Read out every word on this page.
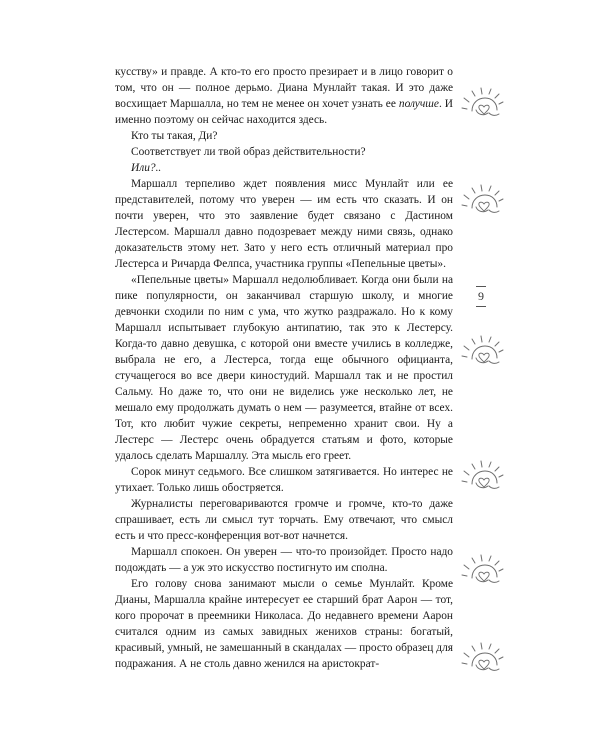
кусству» и правде. А кто-то его просто презирает и в лицо говорит о том, что он — полное дерьмо. Диана Мунлайт такая. И это даже восхищает Маршалла, но тем не менее он хочет узнать ее получше. И именно поэтому он сейчас находится здесь.

Кто ты такая, Ди?

Соответствует ли твой образ действительности?

Или?..

Маршалл терпеливо ждет появления мисс Мунлайт или ее представителей, потому что уверен — им есть что сказать. И он почти уверен, что это заявление будет связано с Дастином Лестерсом. Маршалл давно подозревает между ними связь, однако доказательств этому нет. Зато у него есть отличный материал про Лестерса и Ричарда Фелпса, участника группы «Пепельные цветы».

«Пепельные цветы» Маршалл недолюбливает. Когда они были на пике популярности, он заканчивал старшую школу, и многие девчонки сходили по ним с ума, что жутко раздражало. Но к кому Маршалл испытывает глубокую антипатию, так это к Лестерсу. Когда-то давно девушка, с которой они вместе учились в колледже, выбрала не его, а Лестерса, тогда еще обычного официанта, стучащегося во все двери киностудий. Маршалл так и не простил Сальму. Но даже то, что они не виделись уже несколько лет, не мешало ему продолжать думать о нем — разумеется, втайне от всех. Тот, кто любит чужие секреты, непременно хранит свои. Ну а Лестерс — Лестерс очень обрадуется статьям и фото, которые удалось сделать Маршаллу. Эта мысль его греет.

Сорок минут седьмого. Все слишком затягивается. Но интерес не утихает. Только лишь обостряется.

Журналисты переговариваются громче и громче, кто-то даже спрашивает, есть ли смысл тут торчать. Ему отвечают, что смысл есть и что пресс-конференция вот-вот начнется.

Маршалл спокоен. Он уверен — что-то произойдет. Просто надо подождать — а уж это искусство постигнуто им сполна.

Его голову снова занимают мысли о семье Мунлайт. Кроме Дианы, Маршалла крайне интересует ее старший брат Аарон — тот, кого пророчат в преемники Николаса. До недавнего времени Аарон считался одним из самых завидных женихов страны: богатый, красивый, умный, не замешанный в скандалах — просто образец для подражания. А не столь давно женился на аристократ-

9
